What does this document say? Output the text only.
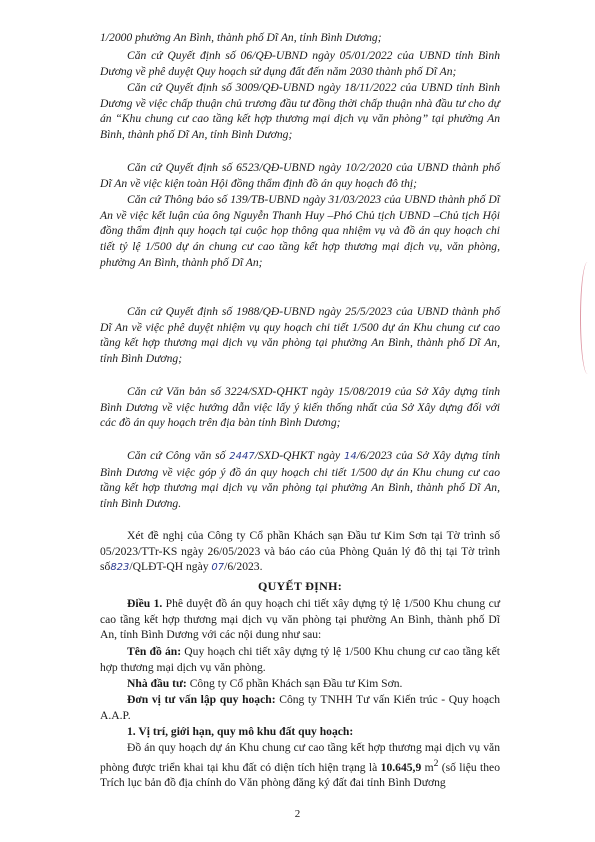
1/2000 phường An Bình, thành phố Dĩ An, tỉnh Bình Dương;

Căn cứ Quyết định số 06/QĐ-UBND ngày 05/01/2022 của UBND tỉnh Bình Dương về phê duyệt Quy hoạch sử dụng đất đến năm 2030 thành phố Dĩ An;

Căn cứ Quyết định số 3009/QĐ-UBND ngày 18/11/2022 của UBND tỉnh Bình Dương về việc chấp thuận chủ trương đầu tư đồng thời chấp thuận nhà đầu tư cho dự án “Khu chung cư cao tầng kết hợp thương mại dịch vụ văn phòng” tại phường An Bình, thành phố Dĩ An, tỉnh Bình Dương;

Căn cứ Quyết định số 6523/QĐ-UBND ngày 10/2/2020 của UBND thành phố Dĩ An về việc kiện toàn Hội đồng thẩm định đồ án quy hoạch đô thị;

Căn cứ Thông báo số 139/TB-UBND ngày 31/03/2023 của UBND thành phố Dĩ An về việc kết luận của ông Nguyễn Thanh Huy –Phó Chủ tịch UBND –Chủ tịch Hội đồng thẩm định quy hoạch tại cuộc họp thông qua nhiệm vụ và đồ án quy hoạch chi tiết tỷ lệ 1/500 dự án chung cư cao tầng kết hợp thương mại dịch vụ, văn phòng, phường An Bình, thành phố Dĩ An;

Căn cứ Quyết định số 1988/QĐ-UBND ngày 25/5/2023 của UBND thành phố Dĩ An về việc phê duyệt nhiệm vụ quy hoạch chi tiết 1/500 dự án Khu chung cư cao tầng kết hợp thương mại dịch vụ văn phòng tại phường An Bình, thành phố Dĩ An, tỉnh Bình Dương;

Căn cứ Văn bản số 3224/SXD-QHKT ngày 15/08/2019 của Sở Xây dựng tỉnh Bình Dương về việc hướng dẫn việc lấy ý kiến thống nhất của Sở Xây dựng đối với các đồ án quy hoạch trên địa bàn tỉnh Bình Dương;

Căn cứ Công văn số 2447/SXD-QHKT ngày 14/6/2023 của Sở Xây dựng tỉnh Bình Dương về việc góp ý đồ án quy hoạch chi tiết 1/500 dự án Khu chung cư cao tầng kết hợp thương mại dịch vụ văn phòng tại phường An Bình, thành phố Dĩ An, tỉnh Bình Dương.

Xét đề nghị của Công ty Cổ phần Khách sạn Đầu tư Kim Sơn tại Tờ trình số 05/2023/TTr-KS ngày 26/05/2023 và báo cáo của Phòng Quản lý đô thị tại Tờ trình số823/QLĐT-QH ngày 07/6/2023.

QUYẾT ĐỊNH:

Điều 1. Phê duyệt đồ án quy hoạch chi tiết xây dựng tỷ lệ 1/500 Khu chung cư cao tầng kết hợp thương mại dịch vụ văn phòng tại phường An Bình, thành phố Dĩ An, tỉnh Bình Dương với các nội dung như sau:

Tên đồ án: Quy hoạch chi tiết xây dựng tỷ lệ 1/500 Khu chung cư cao tầng kết hợp thương mại dịch vụ văn phòng.

Nhà đầu tư: Công ty Cổ phần Khách sạn Đầu tư Kim Sơn.

Đơn vị tư vấn lập quy hoạch: Công ty TNHH Tư vấn Kiến trúc - Quy hoạch A.A.P.

1. Vị trí, giới hạn, quy mô khu đất quy hoạch:

Đồ án quy hoạch dự án Khu chung cư cao tầng kết hợp thương mại dịch vụ văn phòng được triển khai tại khu đất có diện tích hiện trạng là 10.645,9 $m^2$ (số liệu theo Trích lục bản đồ địa chính do Văn phòng đăng ký đất đai tỉnh Bình Dương

2
